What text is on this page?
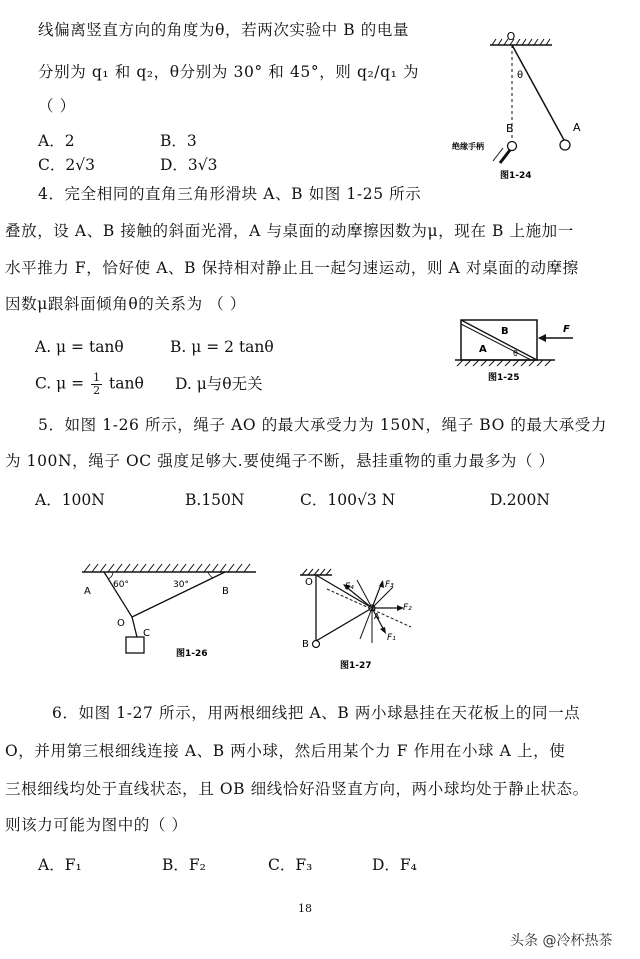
线偏离竖直方向的角度为θ，若两次实验中 B 的电量
分别为 q₁ 和 q₂，θ分别为 30° 和 45°，则 q₂/q₁ 为
（ ）
A．2	B．3
C．2√3	D．3√3
O
θ
A
B
绝缘手柄
图1-24
4．完全相同的直角三角形滑块 A、B 如图 1-25 所示
叠放，设 A、B 接触的斜面光滑，A 与桌面的动摩擦因数为μ，现在 B 上施加一
水平推力 F，恰好使 A、B 保持相对静止且一起匀速运动，则 A 对桌面的动摩擦
因数μ跟斜面倾角θ的关系为 （ ）
A. μ = tanθ	B. μ = 2 tanθ
C. $\mu = \frac{1}{2}$ tanθ D. μ与θ无关
B
A	θ
F
图1-25
5．如图 1-26 所示，绳子 AO 的最大承受力为 150N，绳子 BO 的最大承受力
为 100N，绳子 OC 强度足够大.要使绳子不断，悬挂重物的重力最多为（ ）
A．100N	B.150N	C．100√3 N	D.200N
A
60°	30°
B
O
C
图1-26
O
B
A
F₄	F₃
F₂
F₁
图1-27
6．如图 1-27 所示，用两根细线把 A、B 两小球悬挂在天花板上的同一点
O，并用第三根细线连接 A、B 两小球，然后用某个力 F 作用在小球 A 上，使
三根细线均处于直线状态，且 OB 细线恰好沿竖直方向，两小球均处于静止状态。
则该力可能为图中的（ ）
A．F₁	B．F₂	C．F₃	D．F₄
18
头条 @冷杯热茶
